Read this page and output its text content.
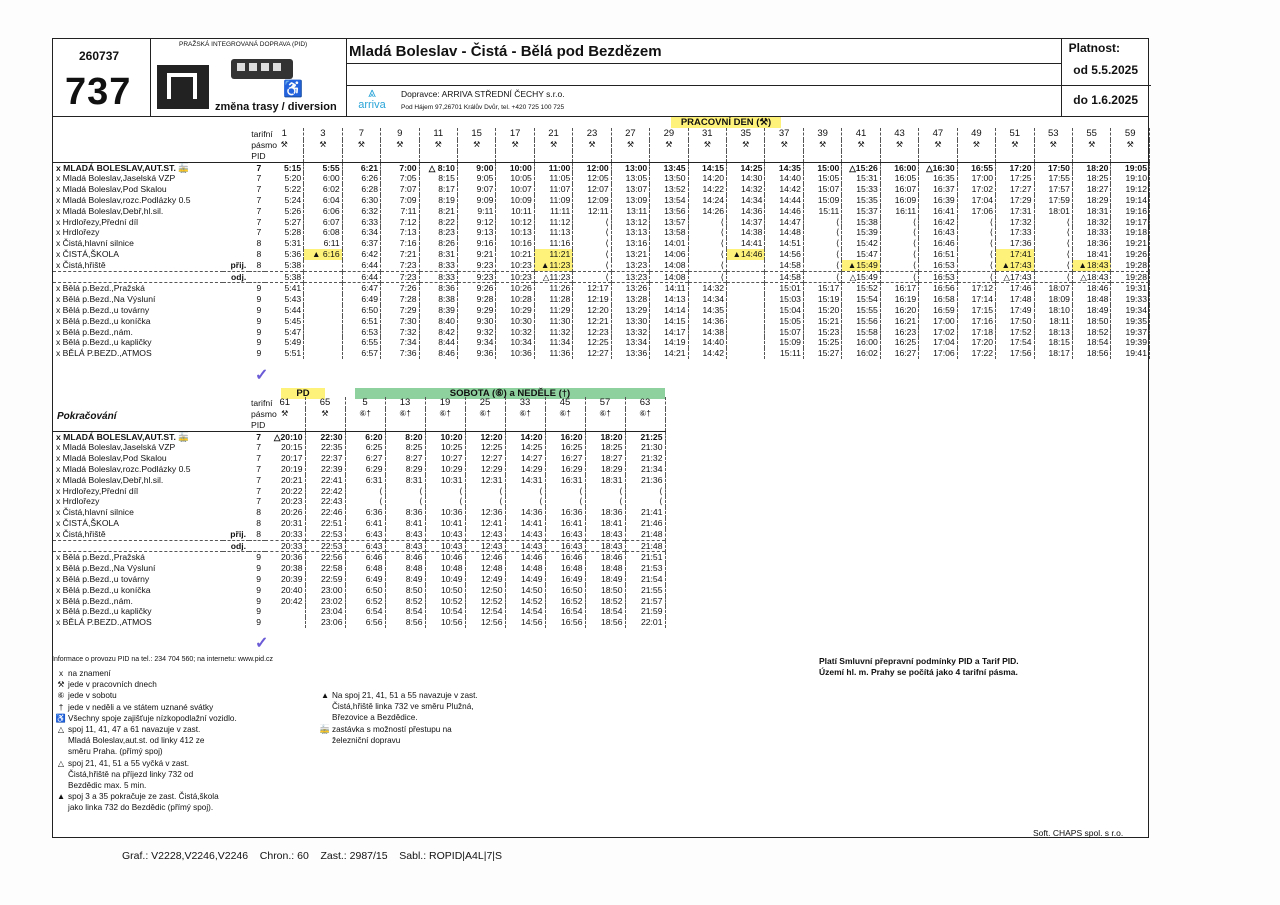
260737
737
PRAŽSKÁ INTEGROVANÁ DOPRAVA (PID)
♿
změna trasy / diversion
Mladá Boleslav - Čistá - Bělá pod Bezdězem
⩓
arriva
Dopravce: ARRIVA STŘEDNÍ ČECHY s.r.o.
Pod Hájem 97,26701 Králův Dvůr, tel. +420 725 100 725
Platnost:
od 5.5.2025
do 1.6.2025
PRACOVNÍ DEN (⚒)
		tarifní	1	3	7	9	11	15	17	21	23	27	29	31	35	37	39	41	43	47	49	51	53	55	59
		pásmo	⚒	⚒	⚒	⚒	⚒	⚒	⚒	⚒	⚒	⚒	⚒	⚒	⚒	⚒	⚒	⚒	⚒	⚒	⚒	⚒	⚒	⚒	⚒
		PID																							
x MLADÁ BOLESLAV,AUT.ST. 🚋		7	5:15	5:55	6:21	7:00	△ 8:10	9:00	10:00	11:00	12:00	13:00	13:45	14:15	14:25	14:35	15:00	△15:26	16:00	△16:30	16:55	17:20	17:50	18:20	19:05
x Mladá Boleslav,Jaselská VZP		7	5:20	6:00	6:26	7:05	8:15	9:05	10:05	11:05	12:05	13:05	13:50	14:20	14:30	14:40	15:05	15:31	16:05	16:35	17:00	17:25	17:55	18:25	19:10
x Mladá Boleslav,Pod Skalou		7	5:22	6:02	6:28	7:07	8:17	9:07	10:07	11:07	12:07	13:07	13:52	14:22	14:32	14:42	15:07	15:33	16:07	16:37	17:02	17:27	17:57	18:27	19:12
x Mladá Boleslav,rozc.Podlázky 0.5		7	5:24	6:04	6:30	7:09	8:19	9:09	10:09	11:09	12:09	13:09	13:54	14:24	14:34	14:44	15:09	15:35	16:09	16:39	17:04	17:29	17:59	18:29	19:14
x Mladá Boleslav,Debř,hl.sil.		7	5:26	6:06	6:32	7:11	8:21	9:11	10:11	11:11	12:11	13:11	13:56	14:26	14:36	14:46	15:11	15:37	16:11	16:41	17:06	17:31	18:01	18:31	19:16
x Hrdlořezy,Přední díl		7	5:27	6:07	6:33	7:12	8:22	9:12	10:12	11:12	⟨	13:12	13:57	⟨	14:37	14:47	⟨	15:38	⟨	16:42	⟨	17:32	⟨	18:32	19:17
x Hrdlořezy		7	5:28	6:08	6:34	7:13	8:23	9:13	10:13	11:13	⟨	13:13	13:58	⟨	14:38	14:48	⟨	15:39	⟨	16:43	⟨	17:33	⟨	18:33	19:18
x Čistá,hlavní silnice		8	5:31	6:11	6:37	7:16	8:26	9:16	10:16	11:16	⟨	13:16	14:01	⟨	14:41	14:51	⟨	15:42	⟨	16:46	⟨	17:36	⟨	18:36	19:21
x ČISTÁ,ŠKOLA		8	5:36	▲ 6:16	6:42	7:21	8:31	9:21	10:21	11:21	⟨	13:21	14:06	⟨	▲14:46	14:56	⟨	15:47	⟨	16:51	⟨	17:41	⟨	18:41	19:26
x Čistá,hřiště	přij.	8	5:38		6:44	7:23	8:33	9:23	10:23	▲11:23	⟨	13:23	14:08	⟨		14:58	⟨	▲15:49	⟨	16:53	⟨	▲17:43	⟨	▲18:43	19:28
	odj.		5:38		6:44	7:23	8:33	9:23	10:23	△11:23	⟨	13:23	14:08	⟨		14:58	⟨	△15:49	⟨	16:53	⟨	△17:43	⟨	△18:43	19:28
x Bělá p.Bezd.,Pražská		9	5:41		6:47	7:26	8:36	9:26	10:26	11:26	12:17	13:26	14:11	14:32		15:01	15:17	15:52	16:17	16:56	17:12	17:46	18:07	18:46	19:31
x Bělá p.Bezd.,Na Výsluní		9	5:43		6:49	7:28	8:38	9:28	10:28	11:28	12:19	13:28	14:13	14:34		15:03	15:19	15:54	16:19	16:58	17:14	17:48	18:09	18:48	19:33
x Bělá p.Bezd.,u továrny		9	5:44		6:50	7:29	8:39	9:29	10:29	11:29	12:20	13:29	14:14	14:35		15:04	15:20	15:55	16:20	16:59	17:15	17:49	18:10	18:49	19:34
x Bělá p.Bezd.,u koníčka		9	5:45		6:51	7:30	8:40	9:30	10:30	11:30	12:21	13:30	14:15	14:36		15:05	15:21	15:56	16:21	17:00	17:16	17:50	18:11	18:50	19:35
x Bělá p.Bezd.,nám.		9	5:47		6:53	7:32	8:42	9:32	10:32	11:32	12:23	13:32	14:17	14:38		15:07	15:23	15:58	16:23	17:02	17:18	17:52	18:13	18:52	19:37
x Bělá p.Bezd.,u kapličky		9	5:49		6:55	7:34	8:44	9:34	10:34	11:34	12:25	13:34	14:19	14:40		15:09	15:25	16:00	16:25	17:04	17:20	17:54	18:15	18:54	19:39
x BĚLÁ P.BEZD.,ATMOS		9	5:51		6:57	7:36	8:46	9:36	10:36	11:36	12:27	13:36	14:21	14:42		15:11	15:27	16:02	16:27	17:06	17:22	17:56	18:17	18:56	19:41
PD	SOBOTA (⑥) a NEDĚLE (†)
Pokračování
		tarifní	61	65	5	13	19	25	33	45	57	63
		pásmo	⚒	⚒	⑥†	⑥†	⑥†	⑥†	⑥†	⑥†	⑥†	⑥†
		PID										
x MLADÁ BOLESLAV,AUT.ST. 🚋		7	△20:10	22:30	6:20	8:20	10:20	12:20	14:20	16:20	18:20	21:25
x Mladá Boleslav,Jaselská VZP		7	20:15	22:35	6:25	8:25	10:25	12:25	14:25	16:25	18:25	21:30
x Mladá Boleslav,Pod Skalou		7	20:17	22:37	6:27	8:27	10:27	12:27	14:27	16:27	18:27	21:32
x Mladá Boleslav,rozc.Podlázky 0.5		7	20:19	22:39	6:29	8:29	10:29	12:29	14:29	16:29	18:29	21:34
x Mladá Boleslav,Debř,hl.sil.		7	20:21	22:41	6:31	8:31	10:31	12:31	14:31	16:31	18:31	21:36
x Hrdlořezy,Přední díl		7	20:22	22:42	⟨	⟨	⟨	⟨	⟨	⟨	⟨	⟨
x Hrdlořezy		7	20:23	22:43	⟨	⟨	⟨	⟨	⟨	⟨	⟨	⟨
x Čistá,hlavní silnice		8	20:26	22:46	6:36	8:36	10:36	12:36	14:36	16:36	18:36	21:41
x ČISTÁ,ŠKOLA		8	20:31	22:51	6:41	8:41	10:41	12:41	14:41	16:41	18:41	21:46
x Čistá,hřiště	přij.	8	20:33	22:53	6:43	8:43	10:43	12:43	14:43	16:43	18:43	21:48
	odj.		20:33	22:53	6:43	8:43	10:43	12:43	14:43	16:43	18:43	21:48
x Bělá p.Bezd.,Pražská		9	20:36	22:56	6:46	8:46	10:46	12:46	14:46	16:46	18:46	21:51
x Bělá p.Bezd.,Na Výsluní		9	20:38	22:58	6:48	8:48	10:48	12:48	14:48	16:48	18:48	21:53
x Bělá p.Bezd.,u továrny		9	20:39	22:59	6:49	8:49	10:49	12:49	14:49	16:49	18:49	21:54
x Bělá p.Bezd.,u koníčka		9	20:40	23:00	6:50	8:50	10:50	12:50	14:50	16:50	18:50	21:55
x Bělá p.Bezd.,nám.		9	20:42	23:02	6:52	8:52	10:52	12:52	14:52	16:52	18:52	21:57
x Bělá p.Bezd.,u kapličky		9		23:04	6:54	8:54	10:54	12:54	14:54	16:54	18:54	21:59
x BĚLÁ P.BEZD.,ATMOS		9		23:06	6:56	8:56	10:56	12:56	14:56	16:56	18:56	22:01
Platí Smluvní přepravní podmínky PID a Tarif PID.
Území hl. m. Prahy se počítá jako 4 tarifní pásma.
Soft. CHAPS spol. s r.o.
Informace o provozu PID na tel.: 234 704 560; na internetu: www.pid.cz
x na znamení
⚒ jede v pracovních dnech
⑥ jede v sobotu
† jede v neděli a ve státem uznané svátky
♿ Všechny spoje zajišťuje nízkopodlažní vozidlo.
△ spoj 11, 41, 47 a 61 navazuje v zast.
Mladá Boleslav,aut.st. od linky 412 ze
směru Praha. (přímý spoj)
△ spoj 21, 41, 51 a 55 vyčká v zast.
Čistá,hřiště na příjezd linky 732 od
Bezdědic max. 5 min.
▲ spoj 3 a 35 pokračuje ze zast. Čistá,škola
jako linka 732 do Bezdědic (přímý spoj).
▲ Na spoj 21, 41, 51 a 55 navazuje v zast.
Čistá,hřiště linka 732 ve směru Plužná,
Březovice a Bezdědice.
🚋 zastávka s možností přestupu na
železniční dopravu
Graf.: V2228,V2246,V2246 Chron.: 60 Zast.: 2987/15 Sabl.: ROPID|A4L|7|S
✓
✓
